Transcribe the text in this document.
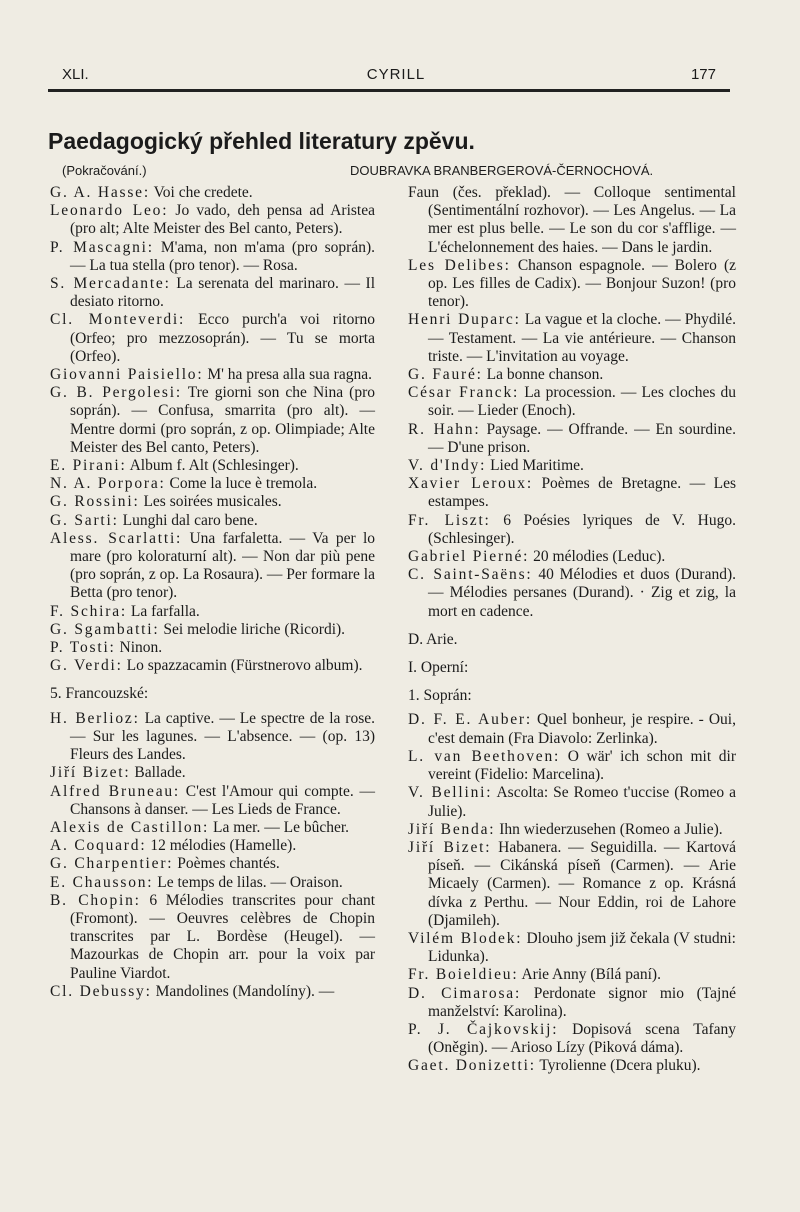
XLI.	CYRILL	177
Paedagogický přehled literatury zpěvu.
(Pokračování.)	DOUBRAVKA BRANBERGEROVÁ-ČERNOCHOVÁ.

G. A. Hasse: Voi che credete.

Leonardo Leo: Jo vado, deh pensa ad Aristea (pro alt; Alte Meister des Bel canto, Peters).

P. Mascagni: M'ama, non m'ama (pro soprán). — La tua stella (pro tenor). — Rosa.

S. Mercadante: La serenata del marinaro. — Il desiato ritorno.

Cl. Monteverdi: Ecco purch'a voi ritorno (Orfeo; pro mezzosoprán). — Tu se morta (Orfeo).

Giovanni Paisiello: M' ha presa alla sua ragna.

G. B. Pergolesi: Tre giorni son che Nina (pro soprán). — Confusa, smarrita (pro alt). — Mentre dormi (pro soprán, z op. Olimpiade; Alte Meister des Bel canto, Peters).

E. Pirani: Album f. Alt (Schlesinger).

N. A. Porpora: Come la luce è tremola.

G. Rossini: Les soirées musicales.

G. Sarti: Lunghi dal caro bene.

Aless. Scarlatti: Una farfaletta. — Va per lo mare (pro koloraturní alt). — Non dar più pene (pro soprán, z op. La Rosaura). — Per formare la Betta (pro tenor).

F. Schira: La farfalla.

G. Sgambatti: Sei melodie liriche (Ricordi).

P. Tosti: Ninon.

G. Verdi: Lo spazzacamin (Fürstnerovo album).

5. Francouzské:

H. Berlioz: La captive. — Le spectre de la rose. — Sur les lagunes. — L'absence. — (op. 13) Fleurs des Landes.

Jiří Bizet: Ballade.

Alfred Bruneau: C'est l'Amour qui compte. — Chansons à danser. — Les Lieds de France.

Alexis de Castillon: La mer. — Le bûcher.

A. Coquard: 12 mélodies (Hamelle).

G. Charpentier: Poèmes chantés.

E. Chausson: Le temps de lilas. — Oraison.

B. Chopin: 6 Mélodies transcrites pour chant (Fromont). — Oeuvres celèbres de Chopin transcrites par L. Bordèse (Heugel). — Mazourkas de Chopin arr. pour la voix par Pauline Viardot.

Cl. Debussy: Mandolines (Mandolíny). —

Faun (čes. překlad). — Colloque sentimental (Sentimentální rozhovor). — Les Angelus. — La mer est plus belle. — Le son du cor s'afflige. — L'échelonnement des haies. — Dans le jardin.

Les Delibes: Chanson espagnole. — Bolero (z op. Les filles de Cadix). — Bonjour Suzon! (pro tenor).

Henri Duparc: La vague et la cloche. — Phydilé. — Testament. — La vie antérieure. — Chanson triste. — L'invitation au voyage.

G. Fauré: La bonne chanson.

César Franck: La procession. — Les cloches du soir. — Lieder (Enoch).

R. Hahn: Paysage. — Offrande. — En sourdine. — D'une prison.

V. d'Indy: Lied Maritime.

Xavier Leroux: Poèmes de Bretagne. — Les estampes.

Fr. Liszt: 6 Poésies lyriques de V. Hugo. (Schlesinger).

Gabriel Pierné: 20 mélodies (Leduc).

C. Saint-Saëns: 40 Mélodies et duos (Durand). — Mélodies persanes (Durand). · Zig et zig, la mort en cadence.

D. Arie.

I. Operní:

1. Soprán:

D. F. E. Auber: Quel bonheur, je respire. - Oui, c'est demain (Fra Diavolo: Zerlinka).

L. van Beethoven: O wär' ich schon mit dir vereint (Fidelio: Marcelina).

V. Bellini: Ascolta: Se Romeo t'uccise (Romeo a Julie).

Jiří Benda: Ihn wiederzusehen (Romeo a Julie).

Jiří Bizet: Habanera. — Seguidilla. — Kartová píseň. — Cikánská píseň (Carmen). — Arie Micaely (Carmen). — Romance z op. Krásná dívka z Perthu. — Nour Eddin, roi de Lahore (Djamileh).

Vilém Blodek: Dlouho jsem již čekala (V studni: Lidunka).

Fr. Boieldieu: Arie Anny (Bílá paní).

D. Cimarosa: Perdonate signor mio (Tajné manželství: Karolina).

P. J. Čajkovskij: Dopisová scena Tafany (Oněgin). — Arioso Lízy (Piková dáma).

Gaet. Donizetti: Tyrolienne (Dcera pluku).
